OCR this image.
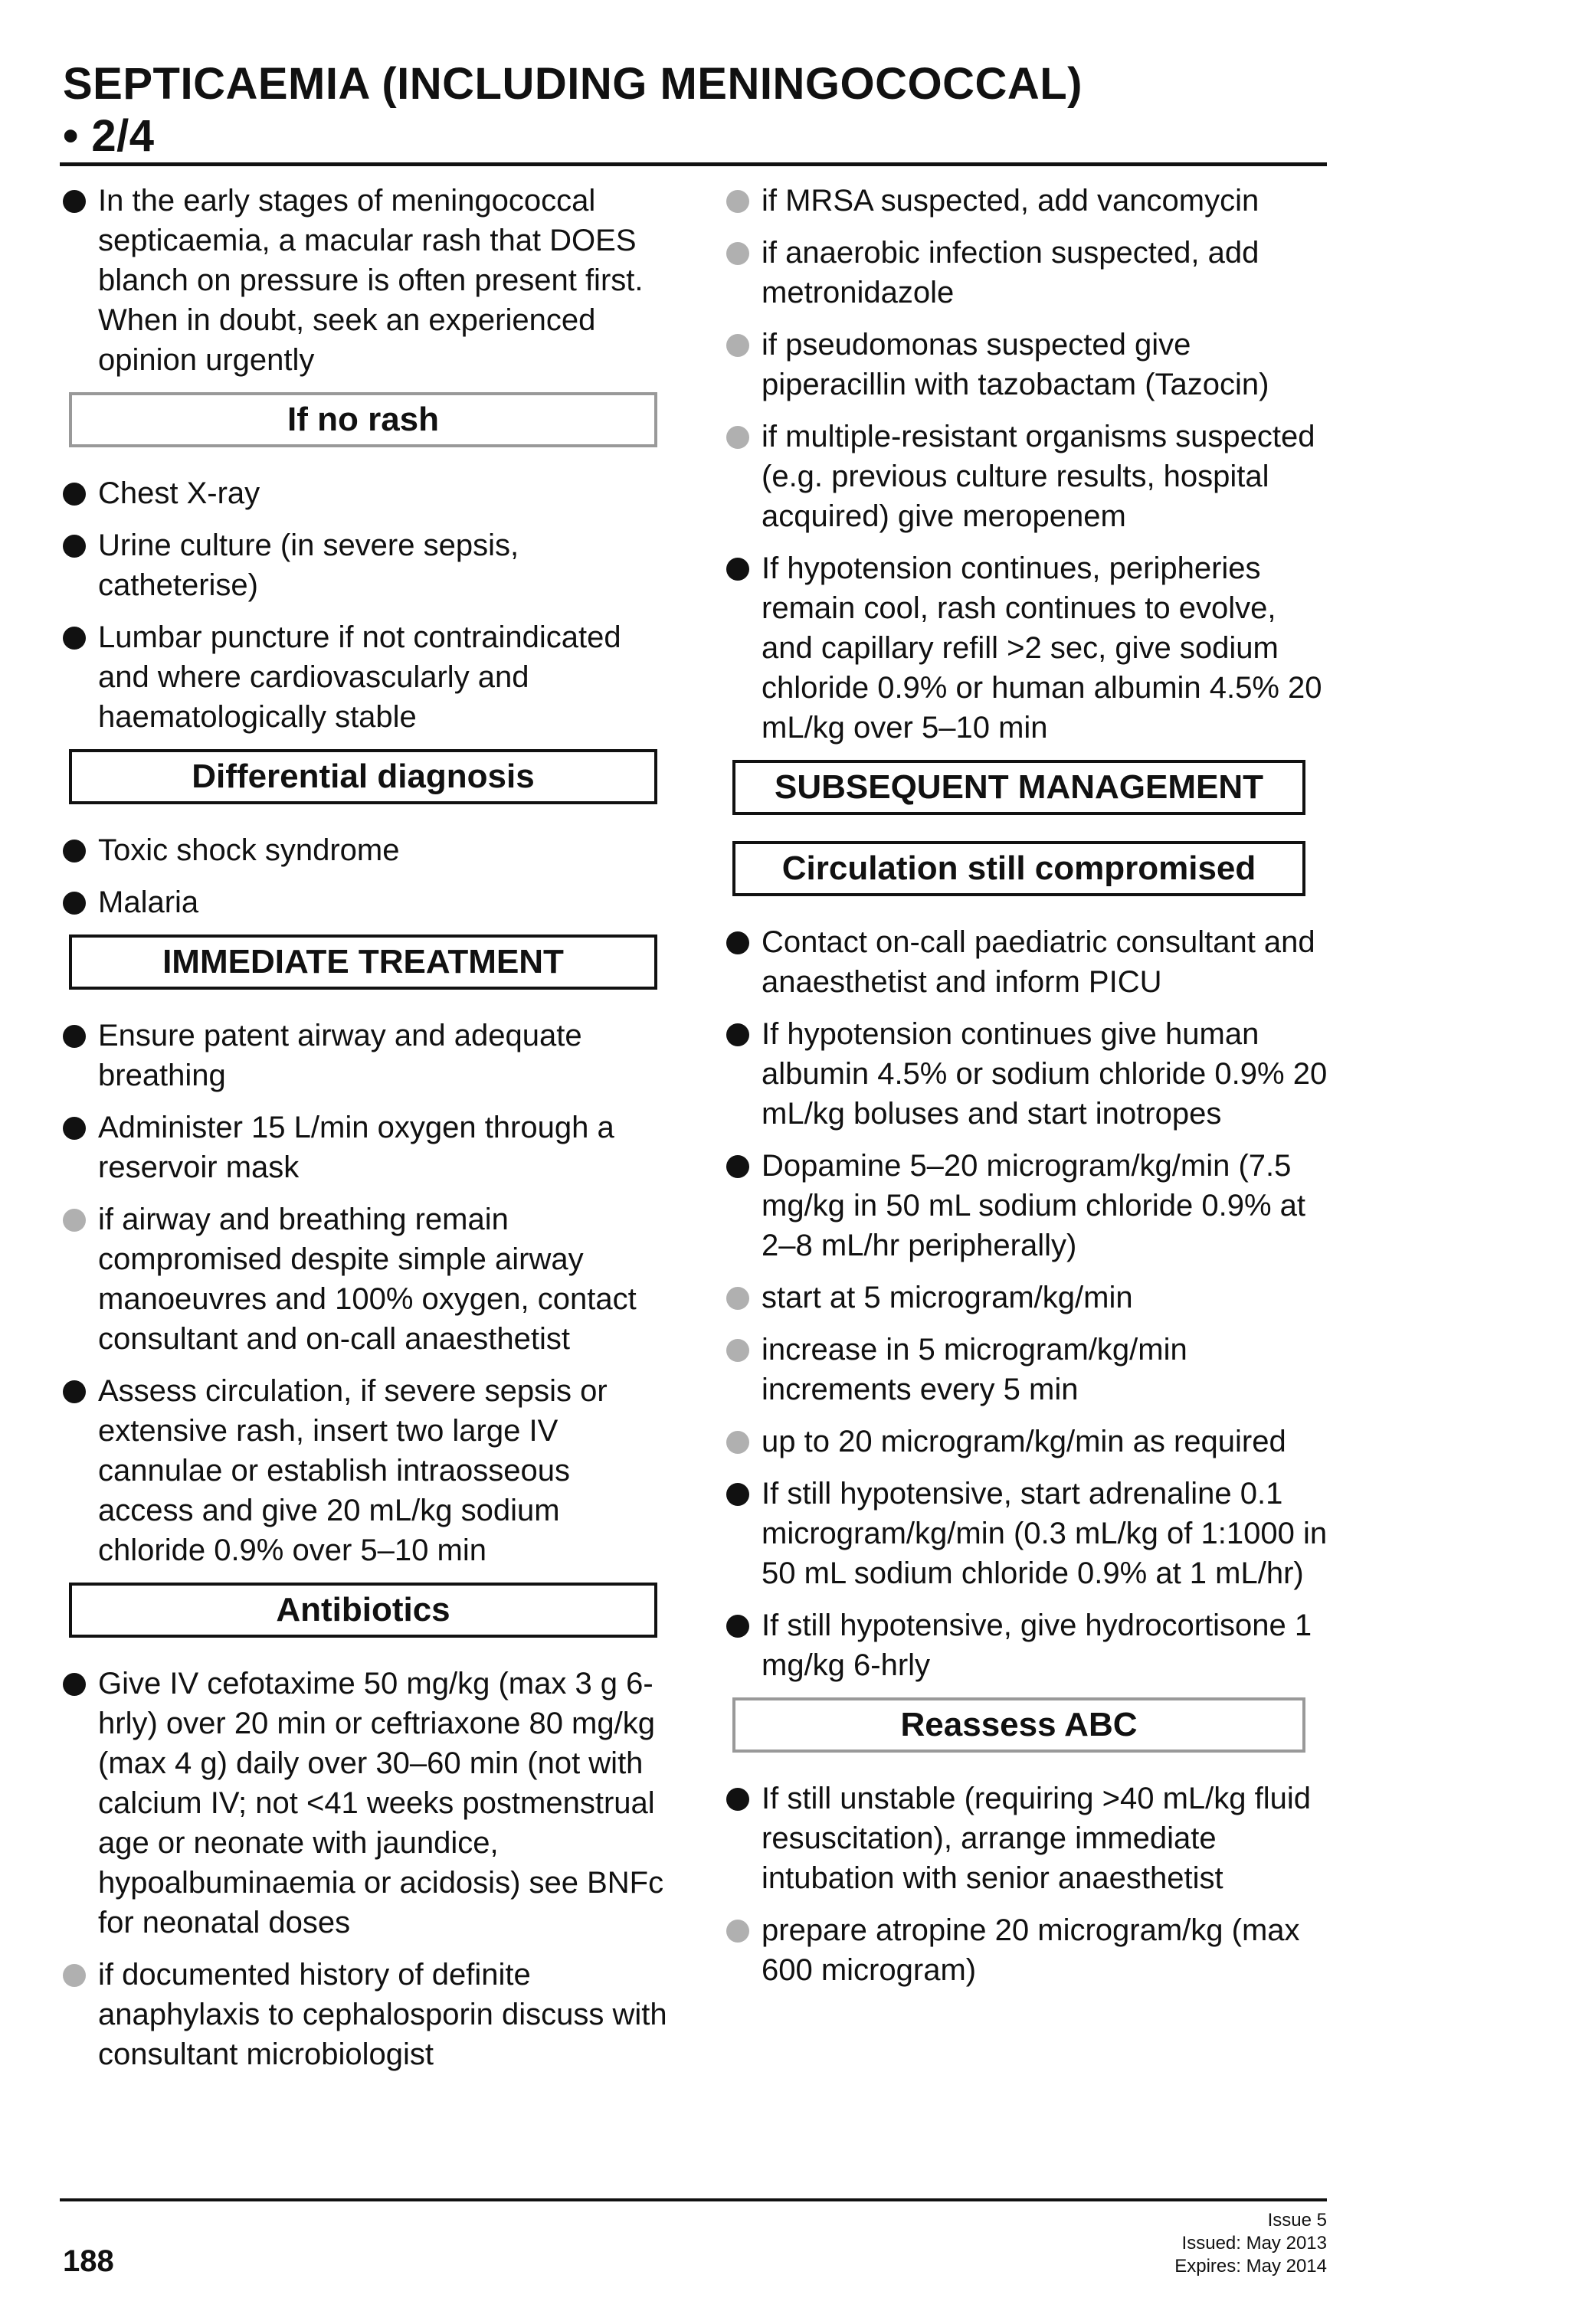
SEPTICAEMIA (INCLUDING MENINGOCOCCAL)
• 2/4
In the early stages of meningococcal septicaemia, a macular rash that DOES blanch on pressure is often present first. When in doubt, seek an experienced opinion urgently
If no rash
Chest X-ray
Urine culture (in severe sepsis, catheterise)
Lumbar puncture if not contraindicated and where cardiovascularly and haematologically stable
Differential diagnosis
Toxic shock syndrome
Malaria
IMMEDIATE TREATMENT
Ensure patent airway and adequate breathing
Administer 15 L/min oxygen through a reservoir mask
if airway and breathing remain compromised despite simple airway manoeuvres and 100% oxygen, contact consultant and on-call anaesthetist
Assess circulation, if severe sepsis or extensive rash, insert two large IV cannulae or establish intraosseous access and give 20 mL/kg sodium chloride 0.9% over 5–10 min
Antibiotics
Give IV cefotaxime 50 mg/kg (max 3 g 6-hrly) over 20 min or ceftriaxone 80 mg/kg (max 4 g) daily over 30–60 min (not with calcium IV; not <41 weeks postmenstrual age or neonate with jaundice, hypoalbuminaemia or acidosis) see BNFc for neonatal doses
if documented history of definite anaphylaxis to cephalosporin discuss with consultant microbiologist
if MRSA suspected, add vancomycin
if anaerobic infection suspected, add metronidazole
if pseudomonas suspected give piperacillin with tazobactam (Tazocin)
if multiple-resistant organisms suspected (e.g. previous culture results, hospital acquired) give meropenem
If hypotension continues, peripheries remain cool, rash continues to evolve, and capillary refill >2 sec, give sodium chloride 0.9% or human albumin 4.5% 20 mL/kg over 5–10 min
SUBSEQUENT MANAGEMENT
Circulation still compromised
Contact on-call paediatric consultant and anaesthetist and inform PICU
If hypotension continues give human albumin 4.5% or sodium chloride 0.9% 20 mL/kg boluses and start inotropes
Dopamine 5–20 microgram/kg/min (7.5 mg/kg in 50 mL sodium chloride 0.9% at 2–8 mL/hr peripherally)
start at 5 microgram/kg/min
increase in 5 microgram/kg/min increments every 5 min
up to 20 microgram/kg/min as required
If still hypotensive, start adrenaline 0.1 microgram/kg/min (0.3 mL/kg of 1:1000 in 50 mL sodium chloride 0.9% at 1 mL/hr)
If still hypotensive, give hydrocortisone 1 mg/kg 6-hrly
Reassess ABC
If still unstable (requiring >40 mL/kg fluid resuscitation), arrange immediate intubation with senior anaesthetist
prepare atropine 20 microgram/kg (max 600 microgram)
188
Issue 5
Issued: May 2013
Expires: May 2014
